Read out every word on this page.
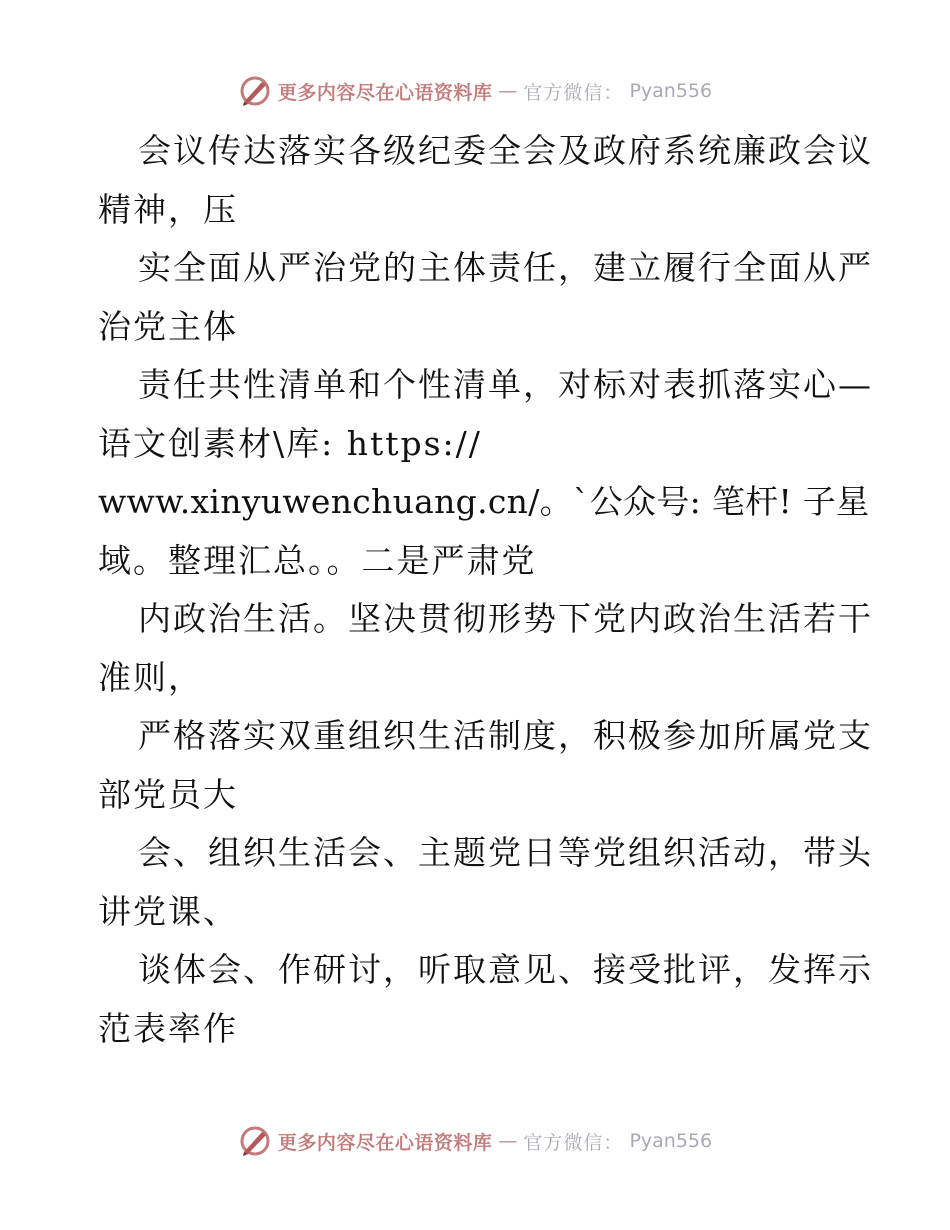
更多内容尽在心语资料库 — 官方微信： Pyan556
会议传达落实各级纪委全会及政府系统廉政会议
精神，压
实全面从严治党的主体责任，建立履行全面从严
治党主体
责任共性清单和个性清单，对标对表抓落实心—
语文创素材\库: https://
www.xinyuwenchuang.cn/。`公众号: 笔杆! 子星
域。整理汇总。。二是严肃党
内政治生活。坚决贯彻形势下党内政治生活若干
准则，
严格落实双重组织生活制度，积极参加所属党支
部党员大
会、组织生活会、主题党日等党组织活动，带头
讲党课、
谈体会、作研讨，听取意见、接受批评，发挥示
范表率作
更多内容尽在心语资料库 — 官方微信： Pyan556
